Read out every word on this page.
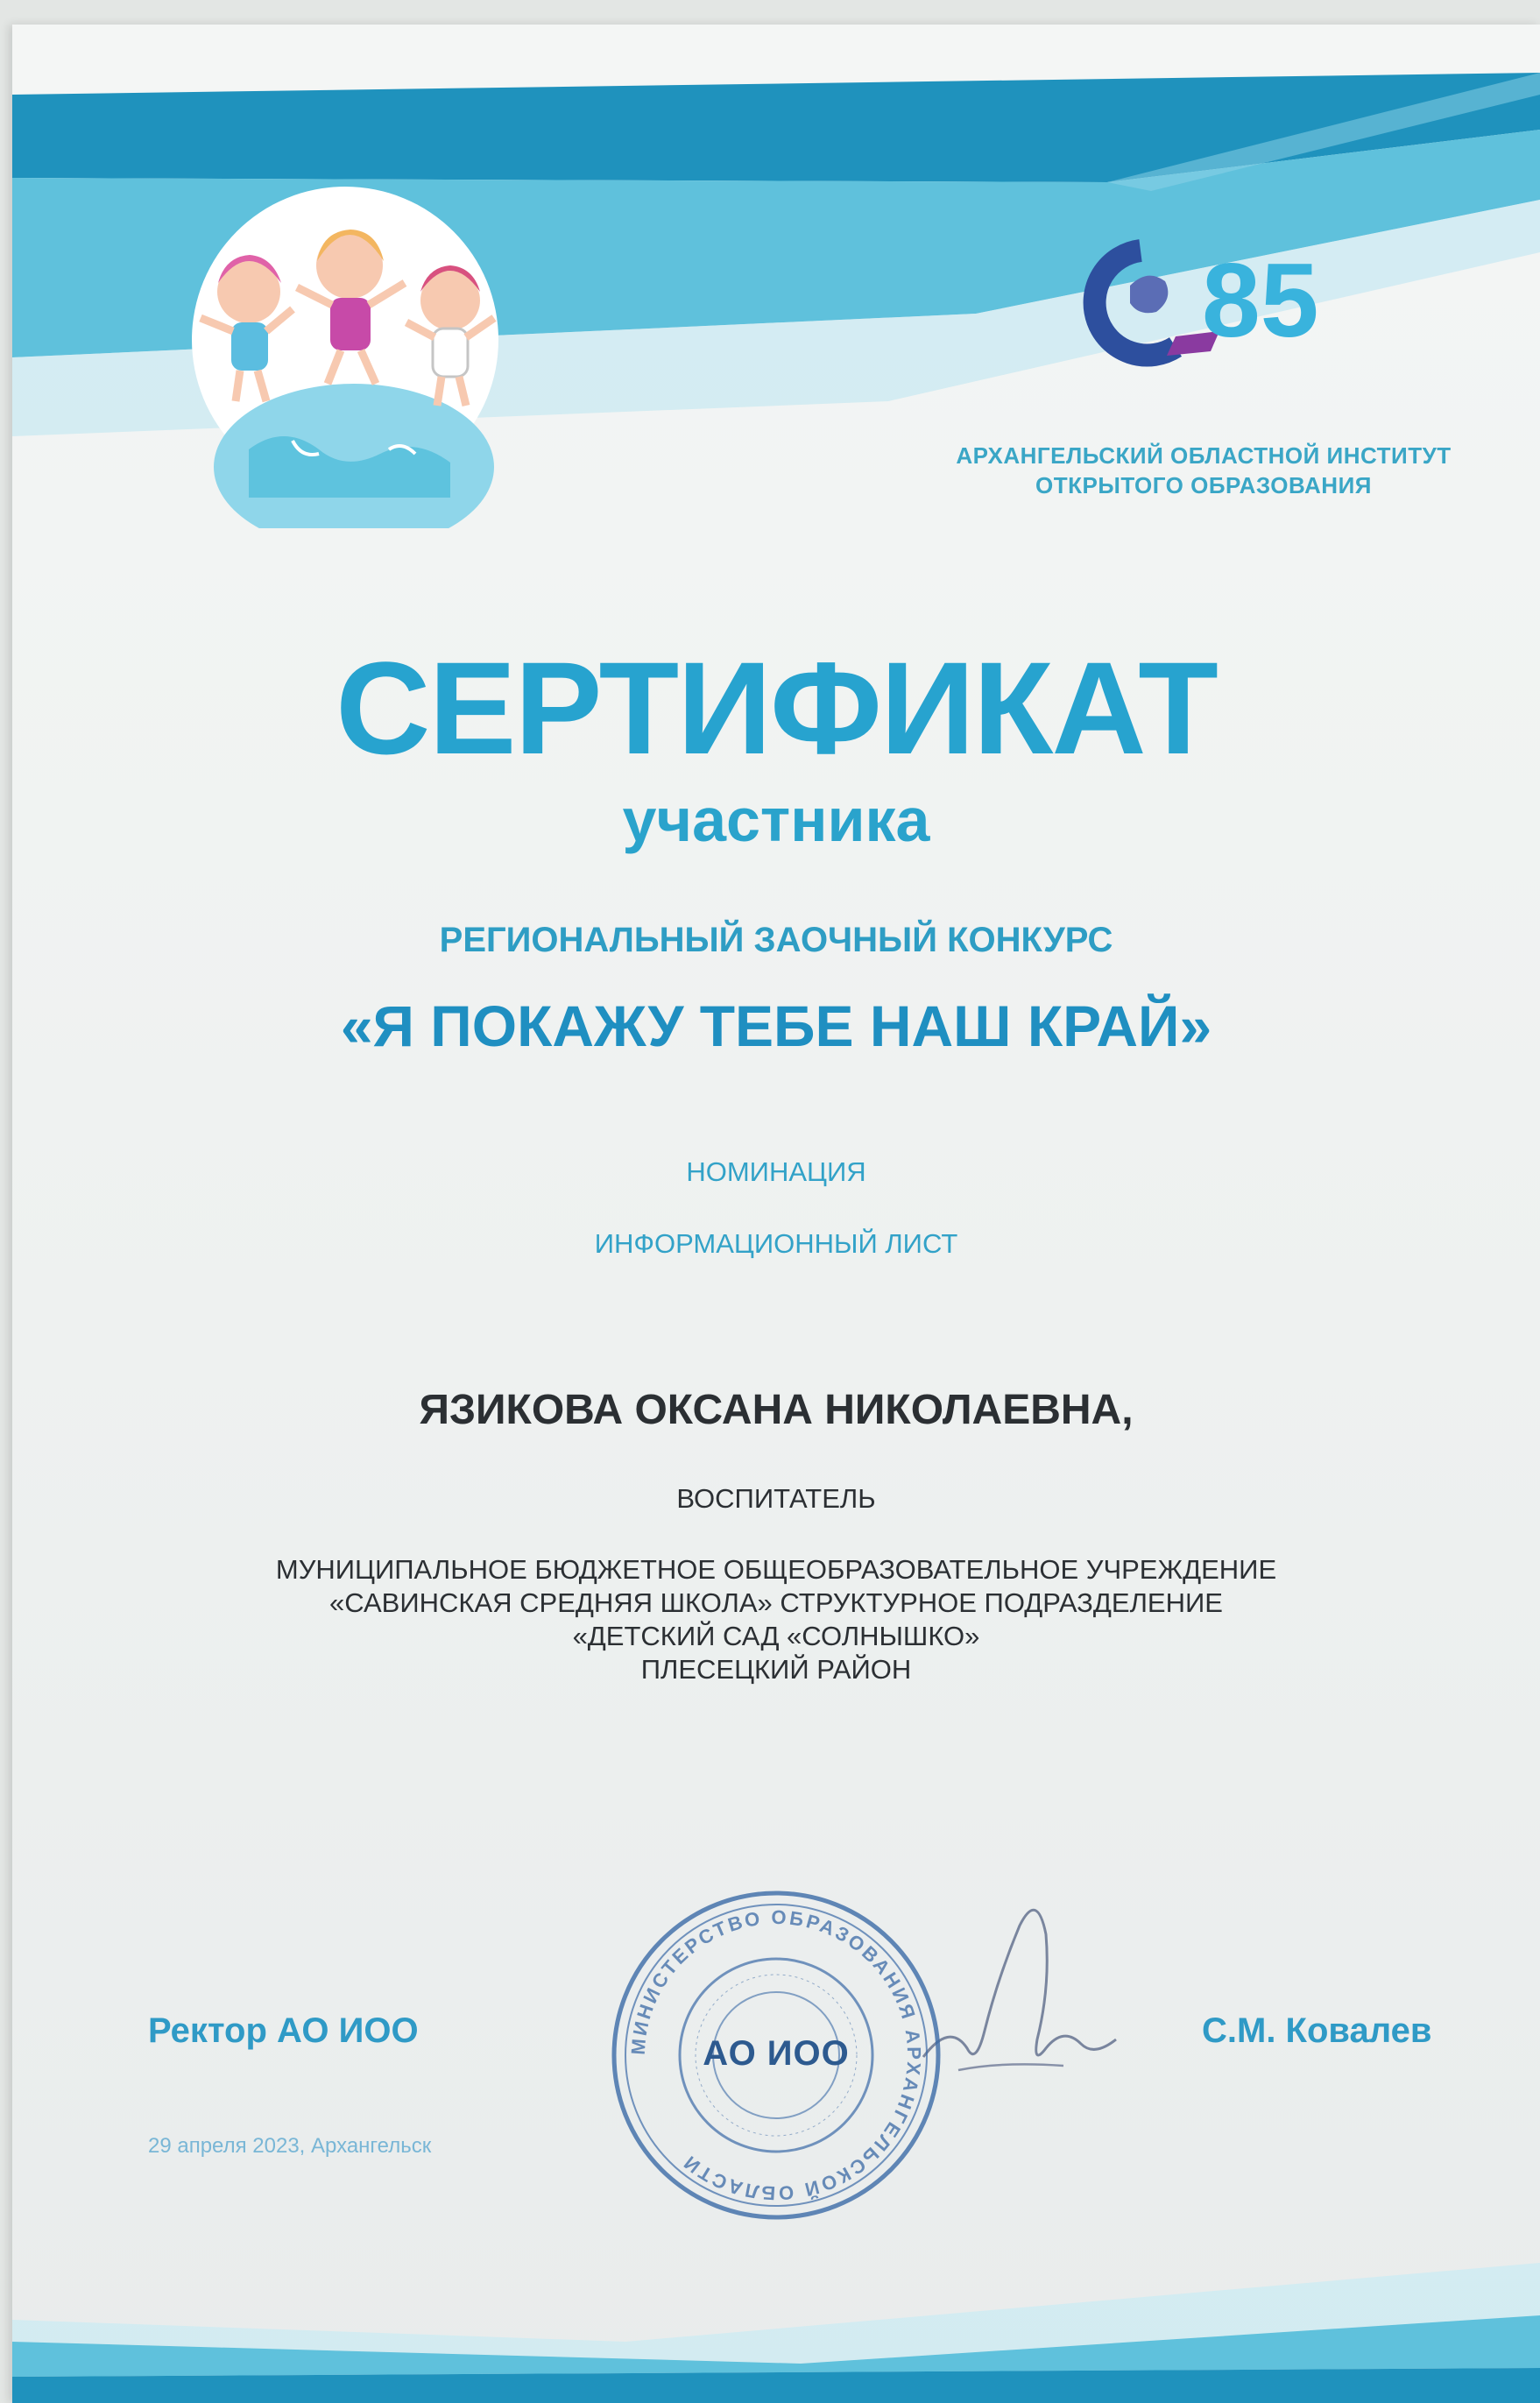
85
АРХАНГЕЛЬСКИЙ ОБЛАСТНОЙ ИНСТИТУТ
ОТКРЫТОГО ОБРАЗОВАНИЯ
СЕРТИФИКАТ
участника
РЕГИОНАЛЬНЫЙ ЗАОЧНЫЙ КОНКУРС
«Я ПОКАЖУ ТЕБЕ НАШ КРАЙ»
НОМИНАЦИЯ
ИНФОРМАЦИОННЫЙ ЛИСТ
ЯЗИКОВА ОКСАНА НИКОЛАЕВНА,
ВОСПИТАТЕЛЬ
МУНИЦИПАЛЬНОЕ БЮДЖЕТНОЕ ОБЩЕОБРАЗОВАТЕЛЬНОЕ УЧРЕЖДЕНИЕ
«САВИНСКАЯ СРЕДНЯЯ ШКОЛА» СТРУКТУРНОЕ ПОДРАЗДЕЛЕНИЕ
«ДЕТСКИЙ САД «СОЛНЫШКО»
ПЛЕСЕЦКИЙ РАЙОН
Ректор АО ИОО	С.М. Ковалев
29 апреля 2023, Архангельск
МИНИСТЕРСТВО ОБРАЗОВАНИЯ АРХАНГЕЛЬСКОЙ ОБЛАСТИ
АО ИОО
